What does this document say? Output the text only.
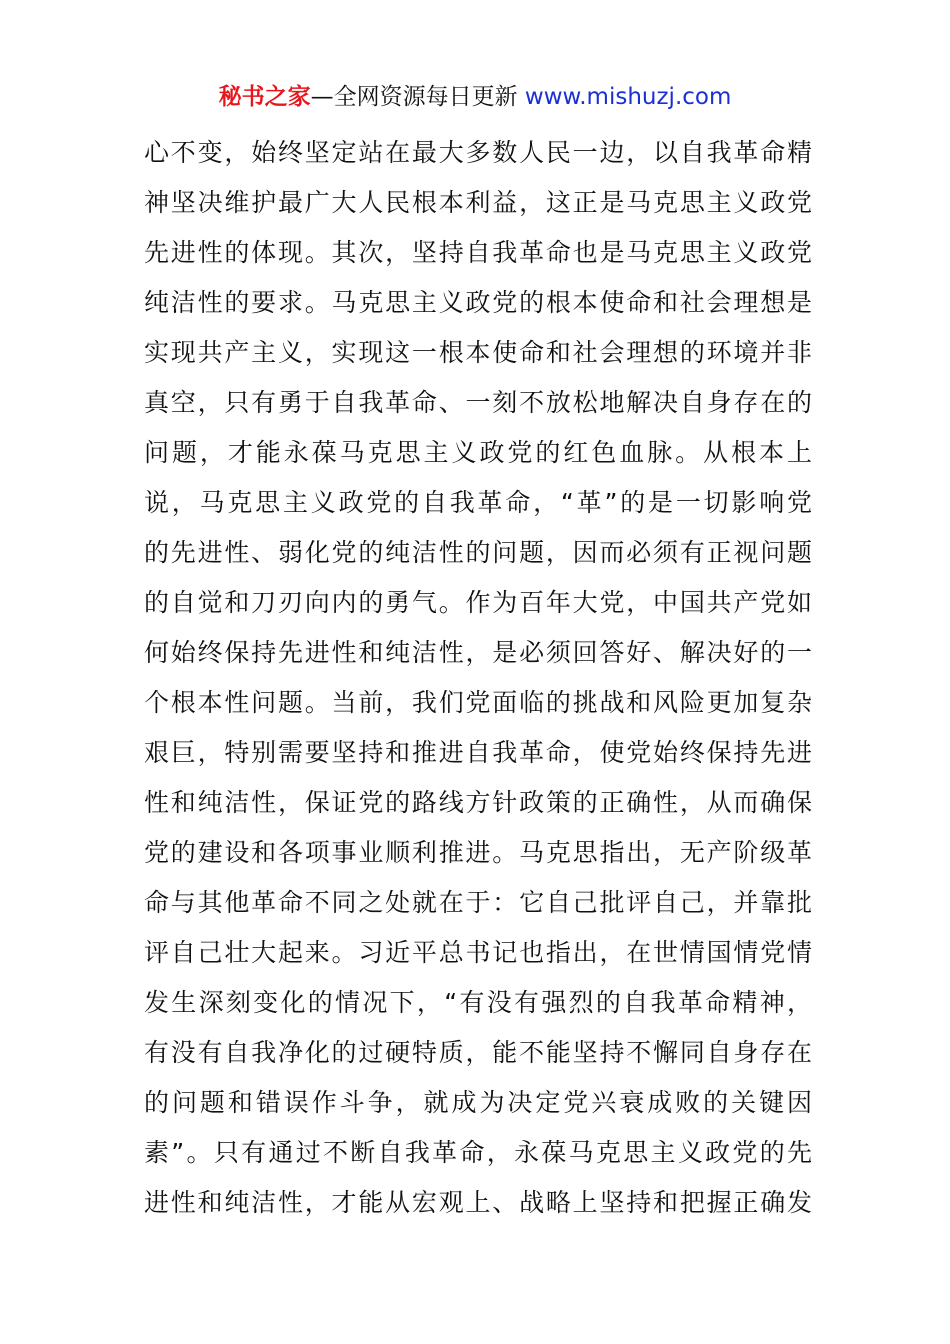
秘书之家—全网资源每日更新 www.mishuzj.com
心不变，始终坚定站在最大多数人民一边，以自我革命精
神坚决维护最广大人民根本利益，这正是马克思主义政党
先进性的体现。其次，坚持自我革命也是马克思主义政党
纯洁性的要求。马克思主义政党的根本使命和社会理想是
实现共产主义，实现这一根本使命和社会理想的环境并非
真空，只有勇于自我革命、一刻不放松地解决自身存在的
问题，才能永葆马克思主义政党的红色血脉。从根本上
说，马克思主义政党的自我革命，“革”的是一切影响党
的先进性、弱化党的纯洁性的问题，因而必须有正视问题
的自觉和刀刃向内的勇气。作为百年大党，中国共产党如
何始终保持先进性和纯洁性，是必须回答好、解决好的一
个根本性问题。当前，我们党面临的挑战和风险更加复杂
艰巨，特别需要坚持和推进自我革命，使党始终保持先进
性和纯洁性，保证党的路线方针政策的正确性，从而确保
党的建设和各项事业顺利推进。马克思指出，无产阶级革
命与其他革命不同之处就在于：它自己批评自己，并靠批
评自己壮大起来。习近平总书记也指出，在世情国情党情
发生深刻变化的情况下，“有没有强烈的自我革命精神，
有没有自我净化的过硬特质，能不能坚持不懈同自身存在
的问题和错误作斗争，就成为决定党兴衰成败的关键因
素”。只有通过不断自我革命，永葆马克思主义政党的先
进性和纯洁性，才能从宏观上、战略上坚持和把握正确发
